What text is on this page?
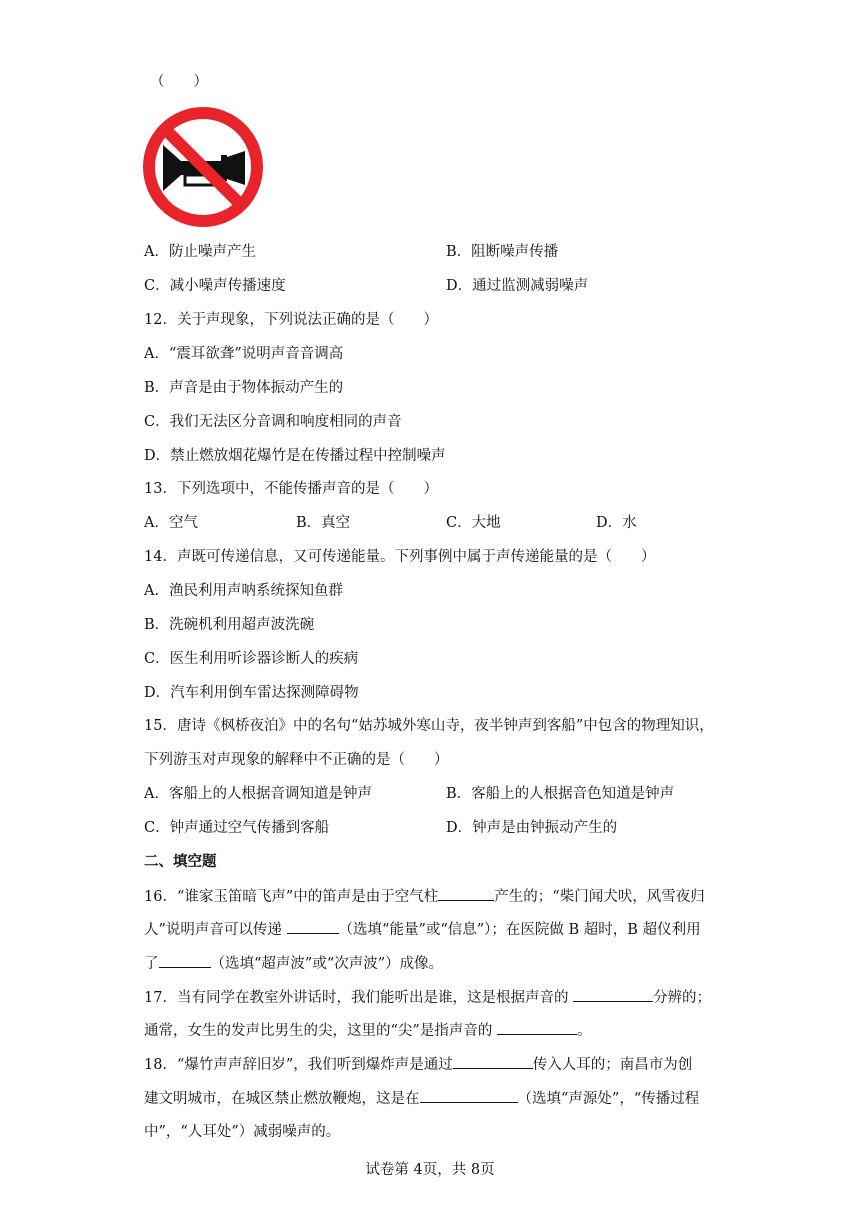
（　　）
A．防止噪声产生	B．阻断噪声传播
C．减小噪声传播速度	D．通过监测减弱噪声
12．关于声现象，下列说法正确的是（　　）
A．“震耳欲聋”说明声音音调高
B．声音是由于物体振动产生的
C．我们无法区分音调和响度相同的声音
D．禁止燃放烟花爆竹是在传播过程中控制噪声
13．下列选项中，不能传播声音的是（　　）
A．空气	B．真空	C．大地	D．水
14．声既可传递信息，又可传递能量。下列事例中属于声传递能量的是（　　）
A．渔民利用声呐系统探知鱼群
B．洗碗机利用超声波洗碗
C．医生利用听诊器诊断人的疾病
D．汽车利用倒车雷达探测障碍物
15．唐诗《枫桥夜泊》中的名句“姑苏城外寒山寺，夜半钟声到客船”中包含的物理知识，
下列游玉对声现象的解释中不正确的是（　　）
A．客船上的人根据音调知道是钟声	B．客船上的人根据音色知道是钟声
C．钟声通过空气传播到客船	D．钟声是由钟振动产生的
二、填空题
16．“谁家玉笛暗飞声”中的笛声是由于空气柱	产生的；“柴门闻犬吠，风雪夜归
人”说明声音可以传递	（选填“能量”或“信息”）；在医院做 B 超时，B 超仪利用
了	（选填“超声波”或“次声波”）成像。
17．当有同学在教室外讲话时，我们能听出是谁，这是根据声音的	分辨的；
通常，女生的发声比男生的尖，这里的“尖”是指声音的	。
18．“爆竹声声辞旧岁”，我们听到爆炸声是通过	传入人耳的；南昌市为创
建文明城市，在城区禁止燃放鞭炮，这是在	（选填“声源处”，“传播过程
中”，“人耳处”）减弱噪声的。
试卷第 4页，共 8页
